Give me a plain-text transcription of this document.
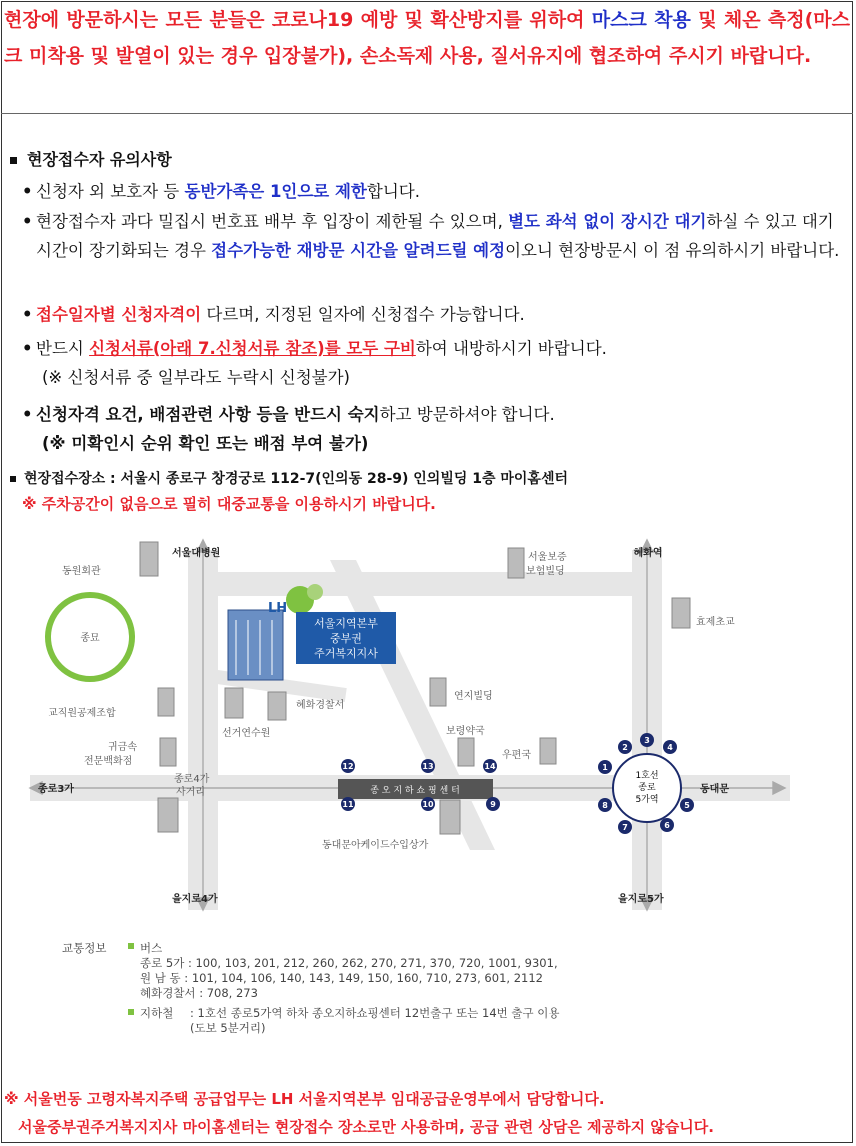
현장에 방문하시는 모든 분들은 코로나19 예방 및 확산방지를 위하여 마스크 착용 및 체온 측정(마스크 미착용 및 발열이 있는 경우 입장불가), 손소독제 사용, 질서유지에 협조하여 주시기 바랍니다.
현장접수자 유의사항
• 신청자 외 보호자 등 동반가족은 1인으로 제한합니다.
• 현장접수자 과다 밀집시 번호표 배부 후 입장이 제한될 수 있으며, 별도 좌석 없이 장시간 대기하실 수 있고 대기시간이 장기화되는 경우 접수가능한 재방문 시간을 알려드릴 예정이오니 현장방문시 이 점 유의하시기 바랍니다.
• 접수일자별 신청자격이 다르며, 지정된 일자에 신청접수 가능합니다.
• 반드시 신청서류(아래 7.신청서류 참조)를 모두 구비하여 내방하시기 바랍니다.
(※ 신청서류 중 일부라도 누락시 신청불가)
• 신청자격 요건, 배점관련 사항 등을 반드시 숙지하고 방문하셔야 합니다.
(※ 미확인시 순위 확인 또는 배점 부여 불가)
현장접수장소 : 서울시 종로구 창경궁로 112-7(인의동 28-9) 인의빌딩 1층 마이홈센터
※ 주차공간이 없음으로 필히 대중교통을 이용하시기 바랍니다.
종 오 지 하 쇼 핑 센 터
종묘
LH
서울지역본부
중부권
주거복지지사
1호선
종로
5가역
1
2
3
4
5
6
7
8
9
10
11
12	13	14
서울대병원	혜화역
동원회관
서울보증
보험빌딩
효제초교
교직원공제조합
혜화경찰서
선거연수원
연지빌딩
보령약국
우편국
귀금속
전문백화점
종로3가
종로4가
사거리	동대문
동대문아케이드수입상가
을지로4가	을지로5가
교통정보	버스
종로 5가 : 100, 103, 201, 212, 260, 262, 270, 271, 370, 720, 1001, 9301,
원 남 동 : 101, 104, 106, 140, 143, 149, 150, 160, 710, 273, 601, 2112
혜화경찰서 : 708, 273
지하철 : 1호선 종로5가역 하차 종오지하쇼핑센터 12번출구 또는 14번 출구 이용
(도보 5분거리)
※ 서울번동 고령자복지주택 공급업무는 LH 서울지역본부 임대공급운영부에서 담당합니다.
서울중부권주거복지지사 마이홈센터는 현장접수 장소로만 사용하며, 공급 관련 상담은 제공하지 않습니다.
